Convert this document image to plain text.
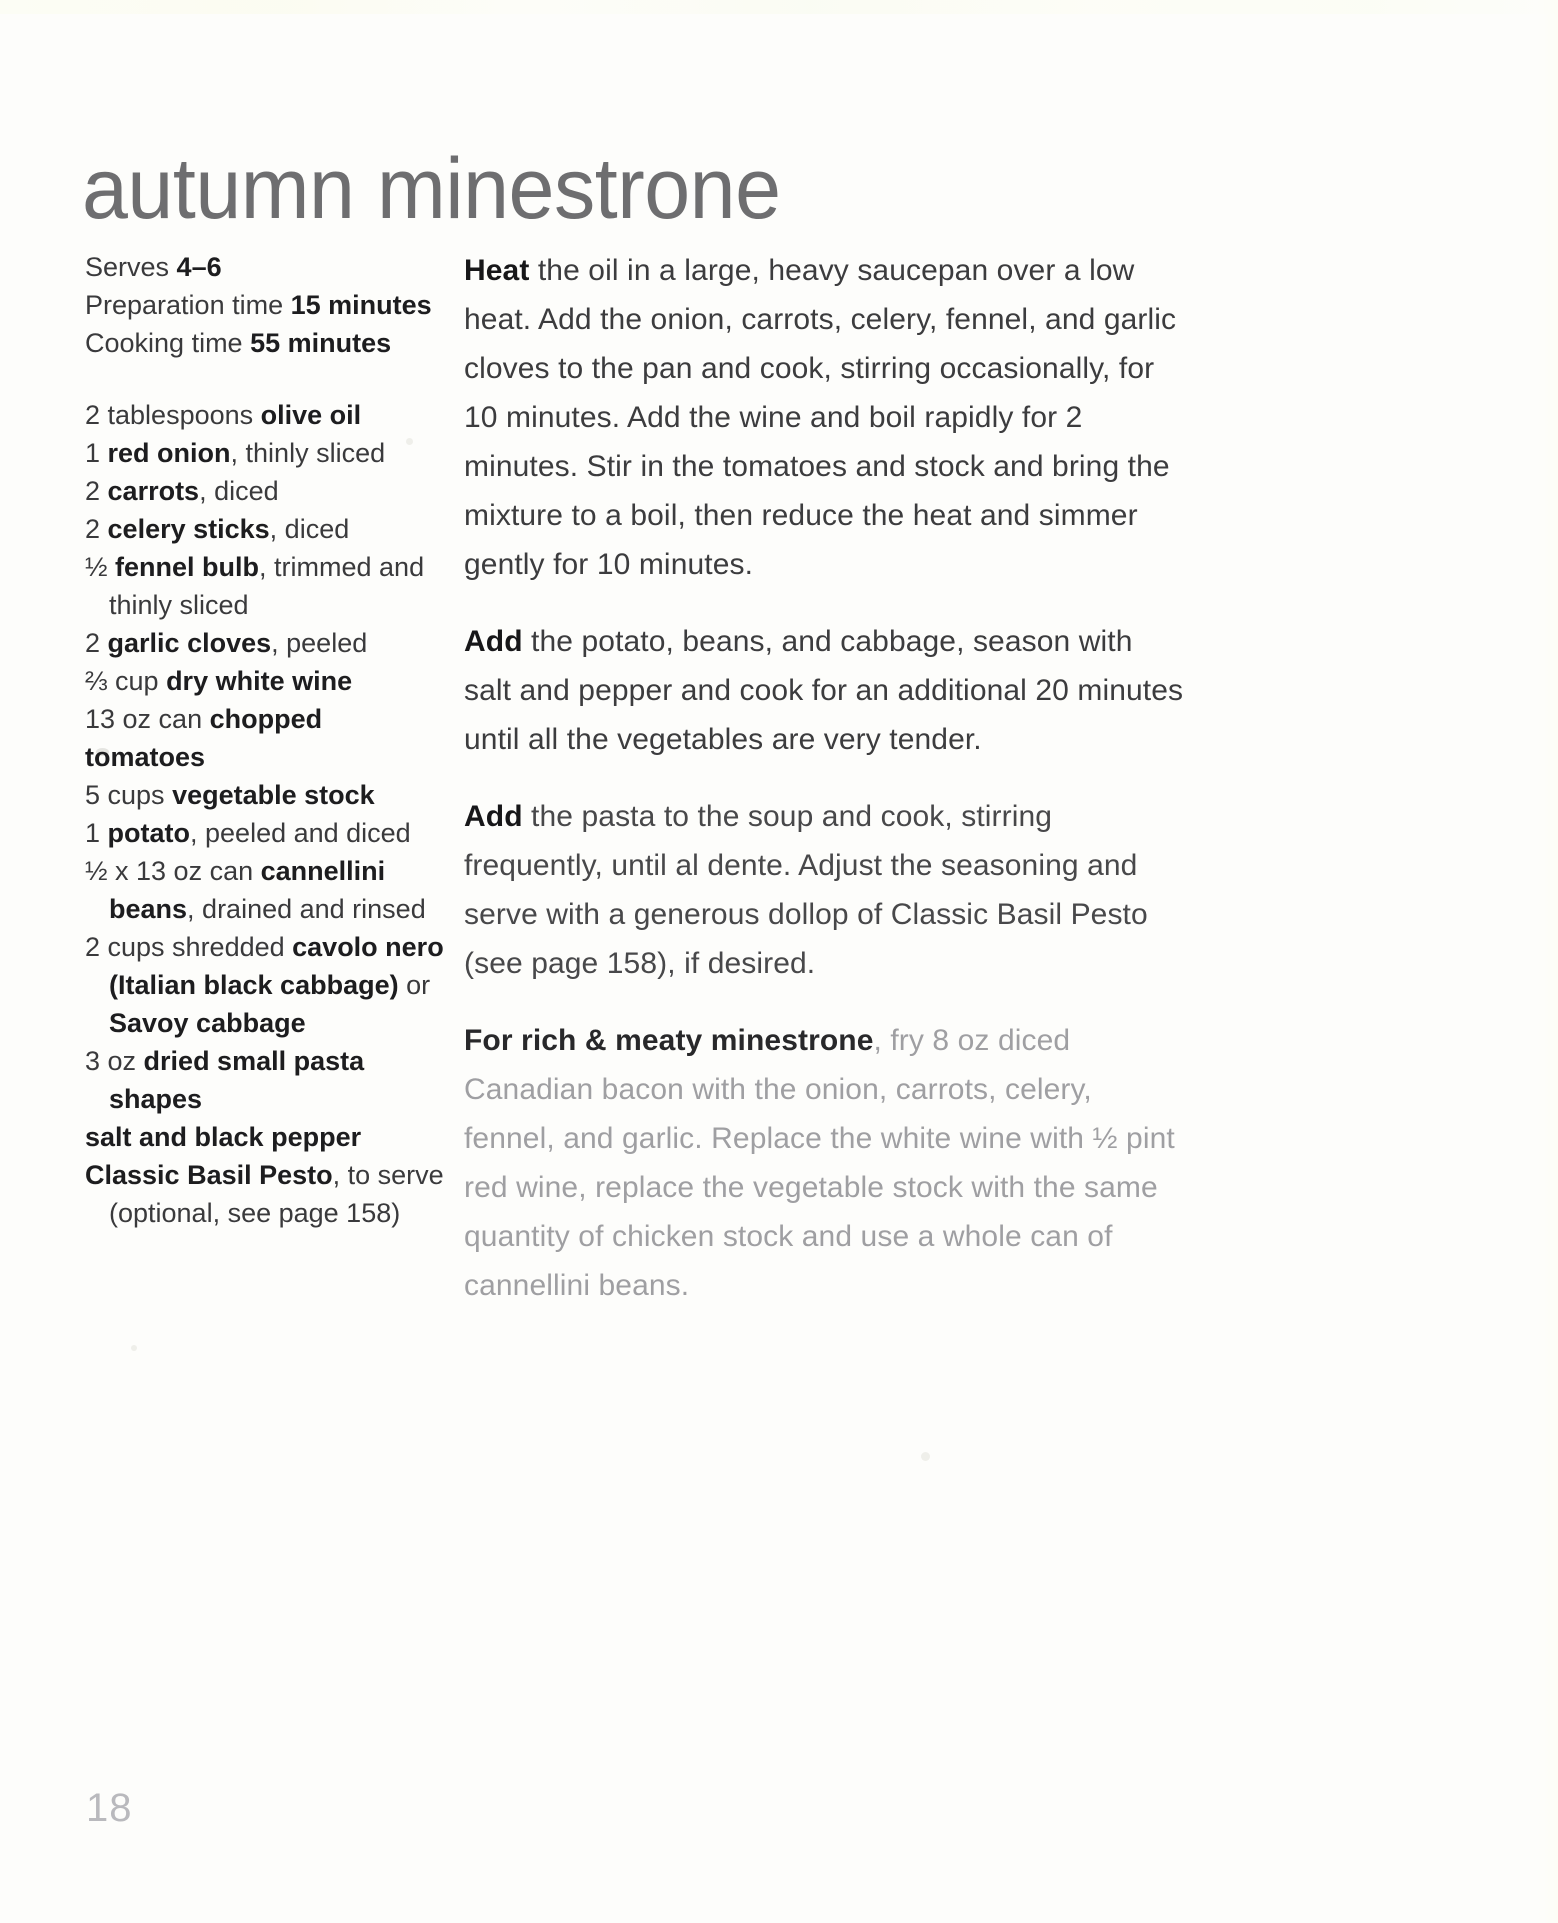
autumn minestrone
Serves 4–6
Preparation time 15 minutes
Cooking time 55 minutes
2 tablespoons olive oil
1 red onion, thinly sliced
2 carrots, diced
2 celery sticks, diced
½ fennel bulb, trimmed and
thinly sliced
2 garlic cloves, peeled
⅔ cup dry white wine
13 oz can chopped tomatoes
5 cups vegetable stock
1 potato, peeled and diced
½ x 13 oz can cannellini
beans, drained and rinsed
2 cups shredded cavolo nero
(Italian black cabbage) or
Savoy cabbage
3 oz dried small pasta
shapes
salt and black pepper
Classic Basil Pesto, to serve
(optional, see page 158)

Heat the oil in a large, heavy saucepan over a low heat. Add the onion, carrots, celery, fennel, and garlic cloves to the pan and cook, stirring occasionally, for 10 minutes. Add the wine and boil rapidly for 2 minutes. Stir in the tomatoes and stock and bring the mixture to a boil, then reduce the heat and simmer gently for 10 minutes.

Add the potato, beans, and cabbage, season with salt and pepper and cook for an additional 20 minutes until all the vegetables are very tender.

Add the pasta to the soup and cook, stirring frequently, until al dente. Adjust the seasoning and serve with a generous dollop of Classic Basil Pesto (see page 158), if desired.

For rich & meaty minestrone, fry 8 oz diced Canadian bacon with the onion, carrots, celery, fennel, and garlic. Replace the white wine with ½ pint red wine, replace the vegetable stock with the same quantity of chicken stock and use a whole can of cannellini beans.

18
